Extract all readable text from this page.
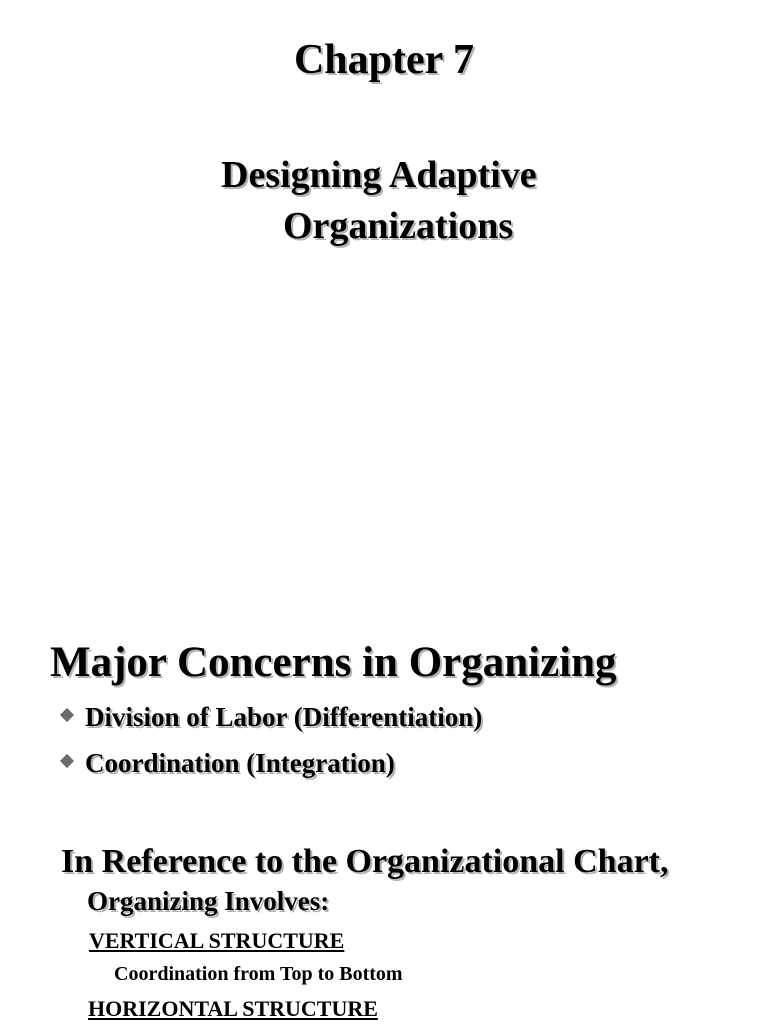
Chapter 7
Designing Adaptive
Organizations
Major Concerns in Organizing
Division of Labor (Differentiation)
Coordination (Integration)
In Reference to the Organizational Chart,
Organizing Involves:
VERTICAL STRUCTURE
Coordination from Top to Bottom
HORIZONTAL STRUCTURE
